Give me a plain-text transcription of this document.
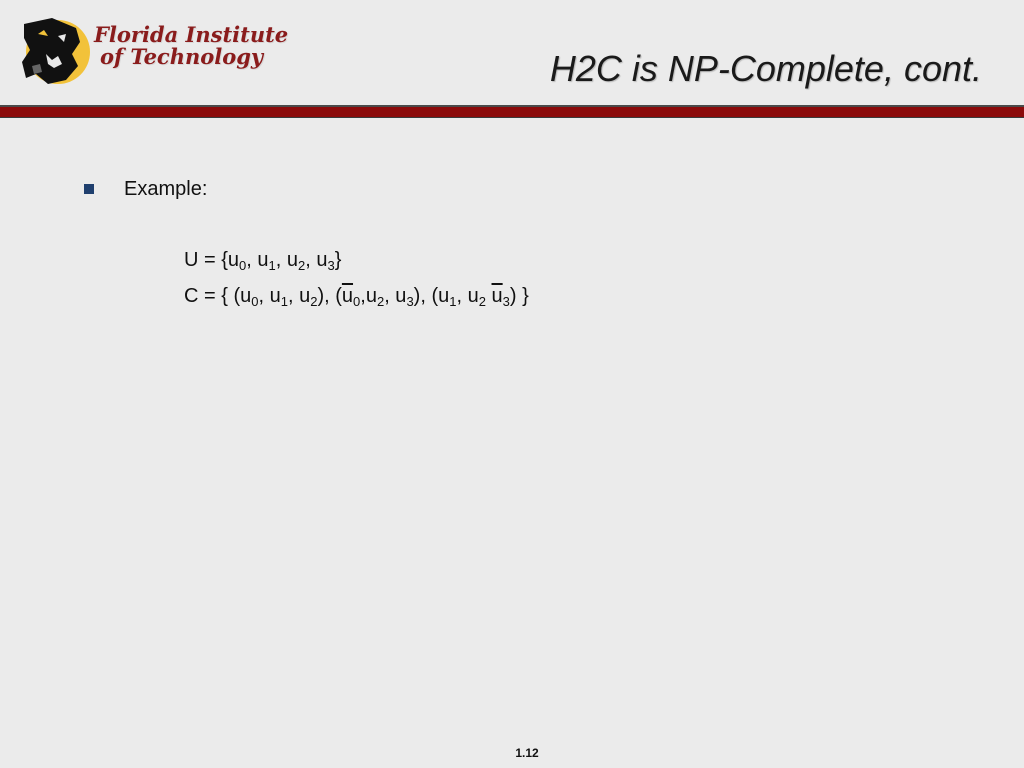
Florida Institute
of Technology	H2C is NP-Complete, cont.
Example:
$U = \{u_0$, $u_1$, $u_2$, $u_3$}
C = { ($u_0$, $u_1$, $u_2$), ($\overline{u}_0,u_2$, $u_3$), ($u_1$, $u_2$ $\overline{u}_3$) }
1.12
